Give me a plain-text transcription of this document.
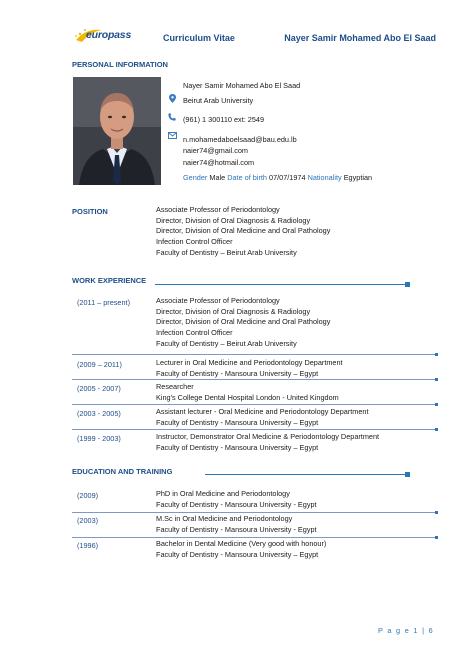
europass	Curriculum Vitae	Nayer Samir Mohamed Abo El Saad
PERSONAL INFORMATION
Nayer Samir Mohamed Abo El Saad
Beirut Arab University
(961) 1 300110 ext: 2549
n.mohamedaboelsaad@bau.edu.lb
naier74@gmail.com
naier74@hotmail.com
Gender Male Date of birth 07/07/1974 Nationality Egyptian
POSITION	Associate Professor of Periodontology
Director, Division of Oral Diagnosis & Radiology
Director, Division of Oral Medicine and Oral Pathology
Infection Control Officer
Faculty of Dentistry – Beirut Arab University
WORK EXPERIENCE
(2011 – present)	Associate Professor of Periodontology
Director, Division of Oral Diagnosis & Radiology
Director, Division of Oral Medicine and Oral Pathology
Infection Control Officer
Faculty of Dentistry – Beirut Arab University
(2009 – 2011)	Lecturer in Oral Medicine and Periodontology Department
Faculty of Dentistry - Mansoura University – Egypt
(2005 - 2007)	Researcher
King's College Dental Hospital London - United Kingdom
(2003 - 2005)	Assistant lecturer - Oral Medicine and Periodontology Department
Faculty of Dentistry - Mansoura University – Egypt
(1999 - 2003)	Instructor, Demonstrator Oral Medicine & Periodontology Department
Faculty of Dentistry - Mansoura University – Egypt
EDUCATION AND TRAINING
(2009)	PhD in Oral Medicine and Periodontology
Faculty of Dentistry - Mansoura University - Egypt
(2003)	M.Sc in Oral Medicine and Periodontology
Faculty of Dentistry - Mansoura University - Egypt
(1996)	Bachelor in Dental Medicine (Very good with honour)
Faculty of Dentistry - Mansoura University – Egypt
P a g e 1 | 6
